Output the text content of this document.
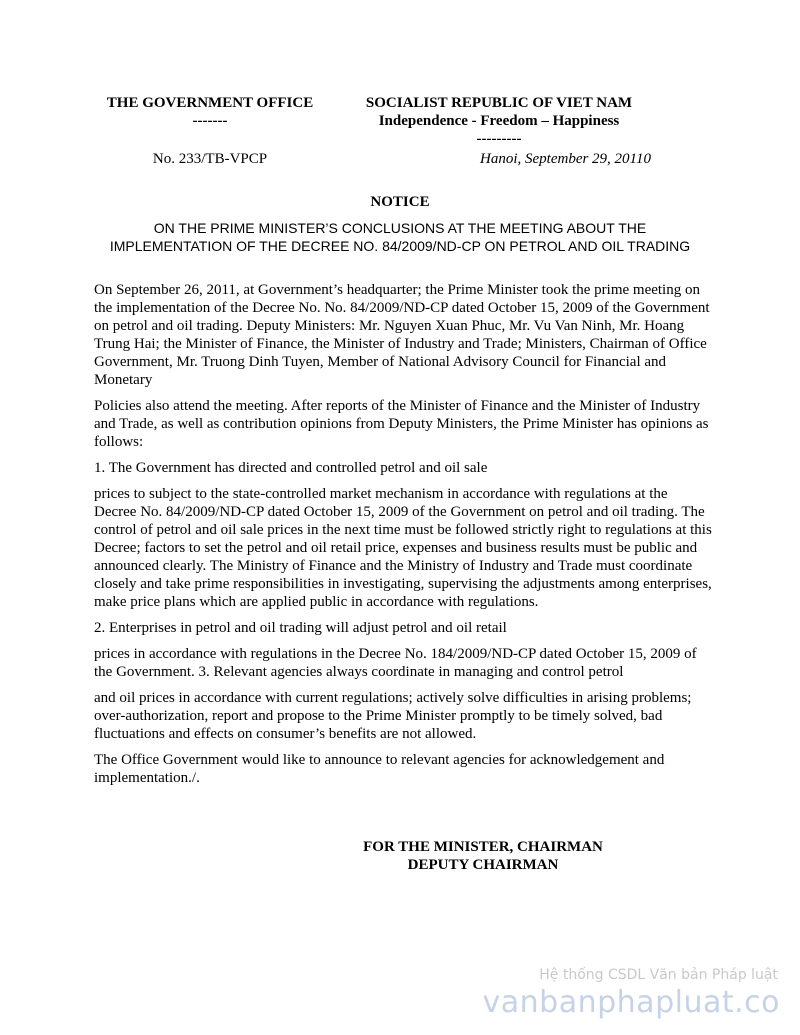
THE GOVERNMENT OFFICE
-------
SOCIALIST REPUBLIC OF VIET NAM
Independence - Freedom – Happiness
---------
No. 233/TB-VPCP	Hanoi, September 29, 20110
NOTICE
ON THE PRIME MINISTER’S CONCLUSIONS AT THE MEETING ABOUT THE IMPLEMENTATION OF THE DECREE NO. 84/2009/ND-CP ON PETROL AND OIL TRADING

On September 26, 2011, at Government’s headquarter; the Prime Minister took the prime meeting on the implementation of the Decree No. No. 84/2009/ND-CP dated October 15, 2009 of the Government on petrol and oil trading. Deputy Ministers: Mr. Nguyen Xuan Phuc, Mr. Vu Van Ninh, Mr. Hoang Trung Hai; the Minister of Finance, the Minister of Industry and Trade; Ministers, Chairman of Office Government, Mr. Truong Dinh Tuyen, Member of National Advisory Council for Financial and Monetary

Policies also attend the meeting. After reports of the Minister of Finance and the Minister of Industry and Trade, as well as contribution opinions from Deputy Ministers, the Prime Minister has opinions as follows:

1. The Government has directed and controlled petrol and oil sale

prices to subject to the state-controlled market mechanism in accordance with regulations at the Decree No. 84/2009/ND-CP dated October 15, 2009 of the Government on petrol and oil trading. The control of petrol and oil sale prices in the next time must be followed strictly right to regulations at this Decree; factors to set the petrol and oil retail price, expenses and business results must be public and announced clearly. The Ministry of Finance and the Ministry of Industry and Trade must coordinate closely and take prime responsibilities in investigating, supervising the adjustments among enterprises, make price plans which are applied public in accordance with regulations.

2. Enterprises in petrol and oil trading will adjust petrol and oil retail

prices in accordance with regulations in the Decree No. 184/2009/ND-CP dated October 15, 2009 of the Government. 3. Relevant agencies always coordinate in managing and control petrol

and oil prices in accordance with current regulations; actively solve difficulties in arising problems; over-authorization, report and propose to the Prime Minister promptly to be timely solved, bad fluctuations and effects on consumer’s benefits are not allowed.

The Office Government would like to announce to relevant agencies for acknowledgement and implementation./.

FOR THE MINISTER, CHAIRMAN
DEPUTY CHAIRMAN
Hệ thống CSDL Văn bản Pháp luật
vanbanphapluat.co
